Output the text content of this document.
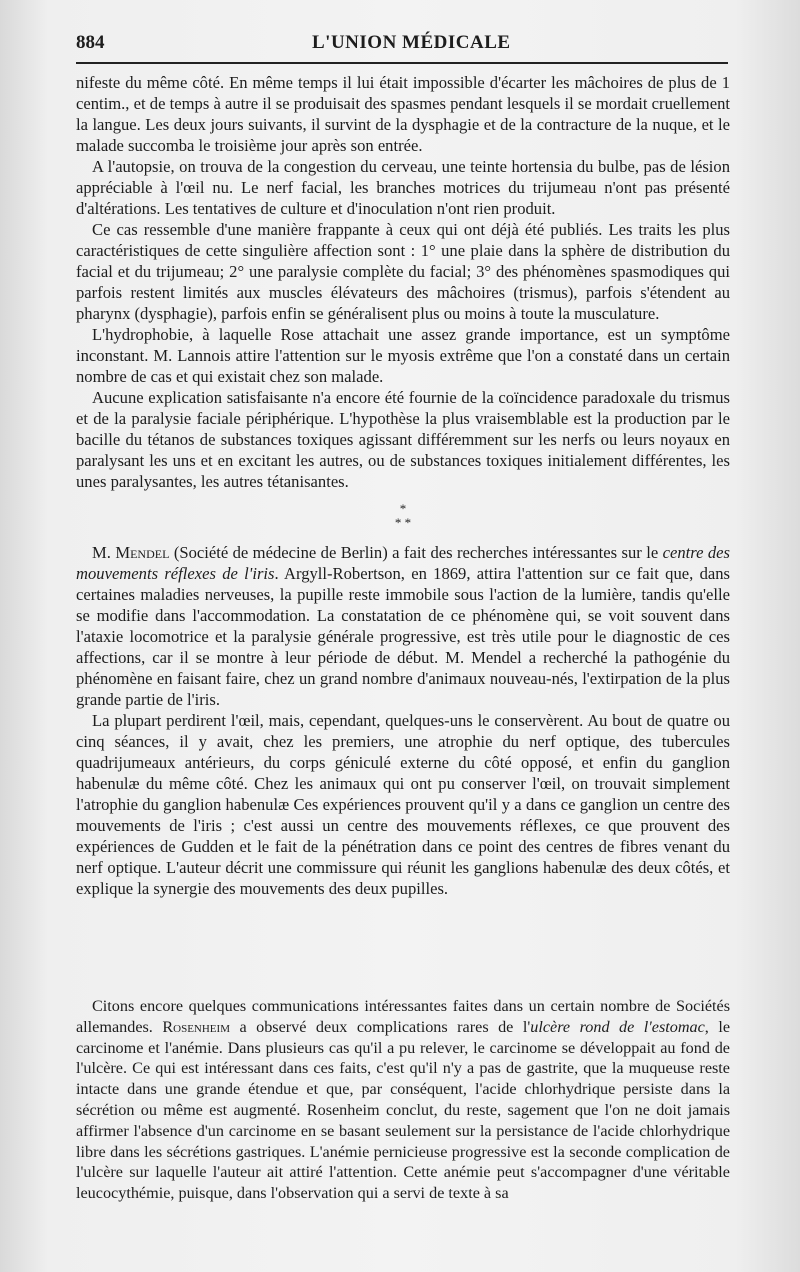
884	L'UNION MÉDICALE

nifeste du même côté. En même temps il lui était impossible d'écarter les mâchoires de plus de 1 centim., et de temps à autre il se produisait des spasmes pendant lesquels il se mordait cruellement la langue. Les deux jours suivants, il survint de la dysphagie et de la contracture de la nuque, et le malade succomba le troisième jour après son entrée.

A l'autopsie, on trouva de la congestion du cerveau, une teinte hortensia du bulbe, pas de lésion appréciable à l'œil nu. Le nerf facial, les branches motrices du trijumeau n'ont pas présenté d'altérations. Les tentatives de culture et d'inoculation n'ont rien produit.

Ce cas ressemble d'une manière frappante à ceux qui ont déjà été publiés. Les traits les plus caractéristiques de cette singulière affection sont : 1° une plaie dans la sphère de distribution du facial et du trijumeau; 2° une paralysie complète du facial; 3° des phénomènes spasmodiques qui parfois restent limités aux muscles élévateurs des mâchoires (trismus), parfois s'étendent au pharynx (dysphagie), parfois enfin se généralisent plus ou moins à toute la musculature.

L'hydrophobie, à laquelle Rose attachait une assez grande importance, est un symptôme inconstant. M. Lannois attire l'attention sur le myosis extrême que l'on a constaté dans un certain nombre de cas et qui existait chez son malade.

Aucune explication satisfaisante n'a encore été fournie de la coïncidence paradoxale du trismus et de la paralysie faciale périphérique. L'hypothèse la plus vraisemblable est la production par le bacille du tétanos de substances toxiques agissant différemment sur les nerfs ou leurs noyaux en paralysant les uns et en excitant les autres, ou de substances toxiques initialement différentes, les unes paralysantes, les autres tétanisantes.

*
* *

M. Mendel (Société de médecine de Berlin) a fait des recherches intéressantes sur le centre des mouvements réflexes de l'iris. Argyll-Robertson, en 1869, attira l'attention sur ce fait que, dans certaines maladies nerveuses, la pupille reste immobile sous l'action de la lumière, tandis qu'elle se modifie dans l'accommodation. La constatation de ce phénomène qui, se voit souvent dans l'ataxie locomotrice et la paralysie générale progressive, est très utile pour le diagnostic de ces affections, car il se montre à leur période de début. M. Mendel a recherché la pathogénie du phénomène en faisant faire, chez un grand nombre d'animaux nouveau-nés, l'extirpation de la plus grande partie de l'iris.

La plupart perdirent l'œil, mais, cependant, quelques-uns le conservèrent. Au bout de quatre ou cinq séances, il y avait, chez les premiers, une atrophie du nerf optique, des tubercules quadrijumeaux antérieurs, du corps géniculé externe du côté opposé, et enfin du ganglion habenulæ du même côté. Chez les animaux qui ont pu conserver l'œil, on trouvait simplement l'atrophie du ganglion habenulæ Ces expériences prouvent qu'il y a dans ce ganglion un centre des mouvements de l'iris ; c'est aussi un centre des mouvements réflexes, ce que prouvent des expériences de Gudden et le fait de la pénétration dans ce point des centres de fibres venant du nerf optique. L'auteur décrit une commissure qui réunit les ganglions habenulæ des deux côtés, et explique la synergie des mouvements des deux pupilles.

Citons encore quelques communications intéressantes faites dans un certain nombre de Sociétés allemandes. Rosenheim a observé deux complications rares de l'ulcère rond de l'estomac, le carcinome et l'anémie. Dans plusieurs cas qu'il a pu relever, le carcinome se développait au fond de l'ulcère. Ce qui est intéressant dans ces faits, c'est qu'il n'y a pas de gastrite, que la muqueuse reste intacte dans une grande étendue et que, par conséquent, l'acide chlorhydrique persiste dans la sécrétion ou même est augmenté. Rosenheim conclut, du reste, sagement que l'on ne doit jamais affirmer l'absence d'un carcinome en se basant seulement sur la persistance de l'acide chlorhydrique libre dans les sécrétions gastriques. L'anémie pernicieuse progressive est la seconde complication de l'ulcère sur laquelle l'auteur ait attiré l'attention. Cette anémie peut s'accompagner d'une véritable leucocythémie, puisque, dans l'observation qui a servi de texte à sa
